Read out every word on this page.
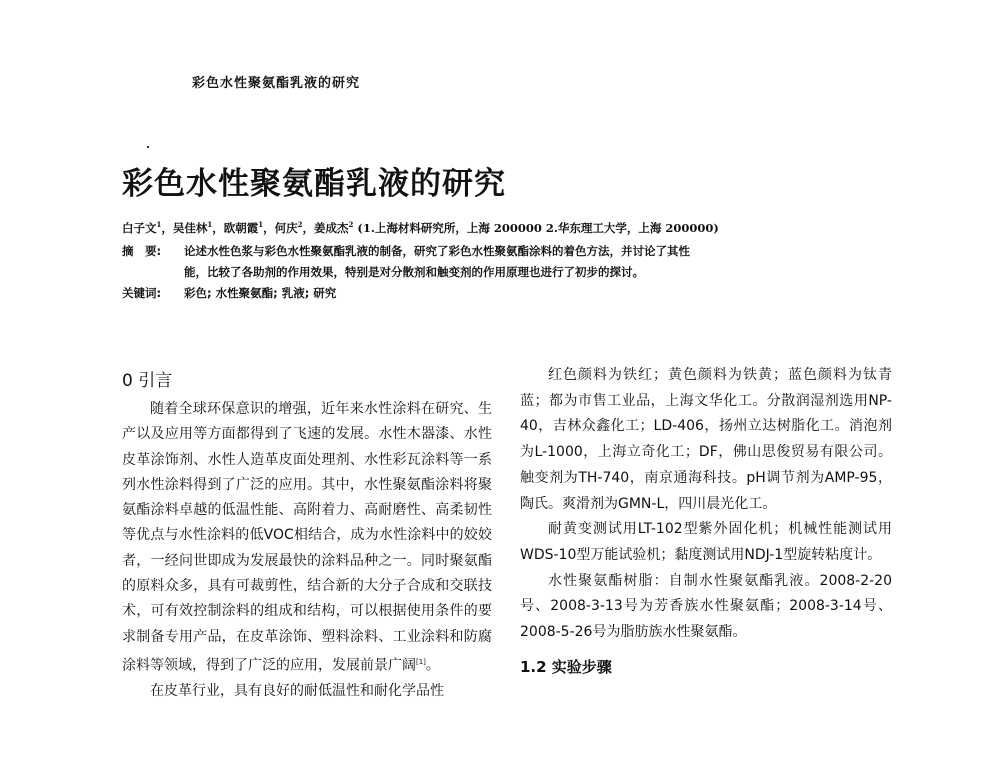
彩色水性聚氨酯乳液的研究
彩色水性聚氨酯乳液的研究
白子文$^1$，吴佳林$^1$，欧朝霞$^1$，何庆$^2$，姜成杰$^2$ (1.上海材料研究所，上海 200000 2.华东理工大学，上海 200000)
摘　要: 论述水性色浆与彩色水性聚氨酯乳液的制备，研究了彩色水性聚氨酯涂料的着色方法，并讨论了其性
能，比较了各助剂的作用效果，特别是对分散剂和触变剂的作用原理也进行了初步的探讨。
关键词: 彩色; 水性聚氨酯; 乳液; 研究
0 引言

随着全球环保意识的增强，近年来水性涂料在研究、生产以及应用等方面都得到了飞速的发展。水性木器漆、水性皮革涂饰剂、水性人造革皮面处理剂、水性彩瓦涂料等一系列水性涂料得到了广泛的应用。其中，水性聚氨酯涂料将聚氨酯涂料卓越的低温性能、高附着力、高耐磨性、高柔韧性等优点与水性涂料的低VOC相结合，成为水性涂料中的姣姣者，一经问世即成为发展最快的涂料品种之一。同时聚氨酯的原料众多，具有可裁剪性，结合新的大分子合成和交联技术，可有效控制涂料的组成和结构，可以根据使用条件的要求制备专用产品，在皮革涂饰、塑料涂料、工业涂料和防腐涂料等领域，得到了广泛的应用，发展前景广阔[1]。

在皮革行业，具有良好的耐低温性和耐化学品性

红色颜料为铁红；黄色颜料为铁黄；蓝色颜料为钛青蓝；都为市售工业品，上海文华化工。分散润湿剂选用NP-40，吉林众鑫化工；LD-406，扬州立达树脂化工。消泡剂为L-1000，上海立奇化工；DF，佛山思俊贸易有限公司。触变剂为TH-740，南京通海科技。pH调节剂为AMP-95，陶氏。爽滑剂为GMN-L，四川晨光化工。

耐黄变测试用LT-102型紫外固化机；机械性能测试用WDS-10型万能试验机；黏度测试用NDJ-1型旋转粘度计。

水性聚氨酯树脂：自制水性聚氨酯乳液。2008-2-20号、2008-3-13号为芳香族水性聚氨酯；2008-3-14号、2008-5-26号为脂肪族水性聚氨酯。

1.2 实验步骤
